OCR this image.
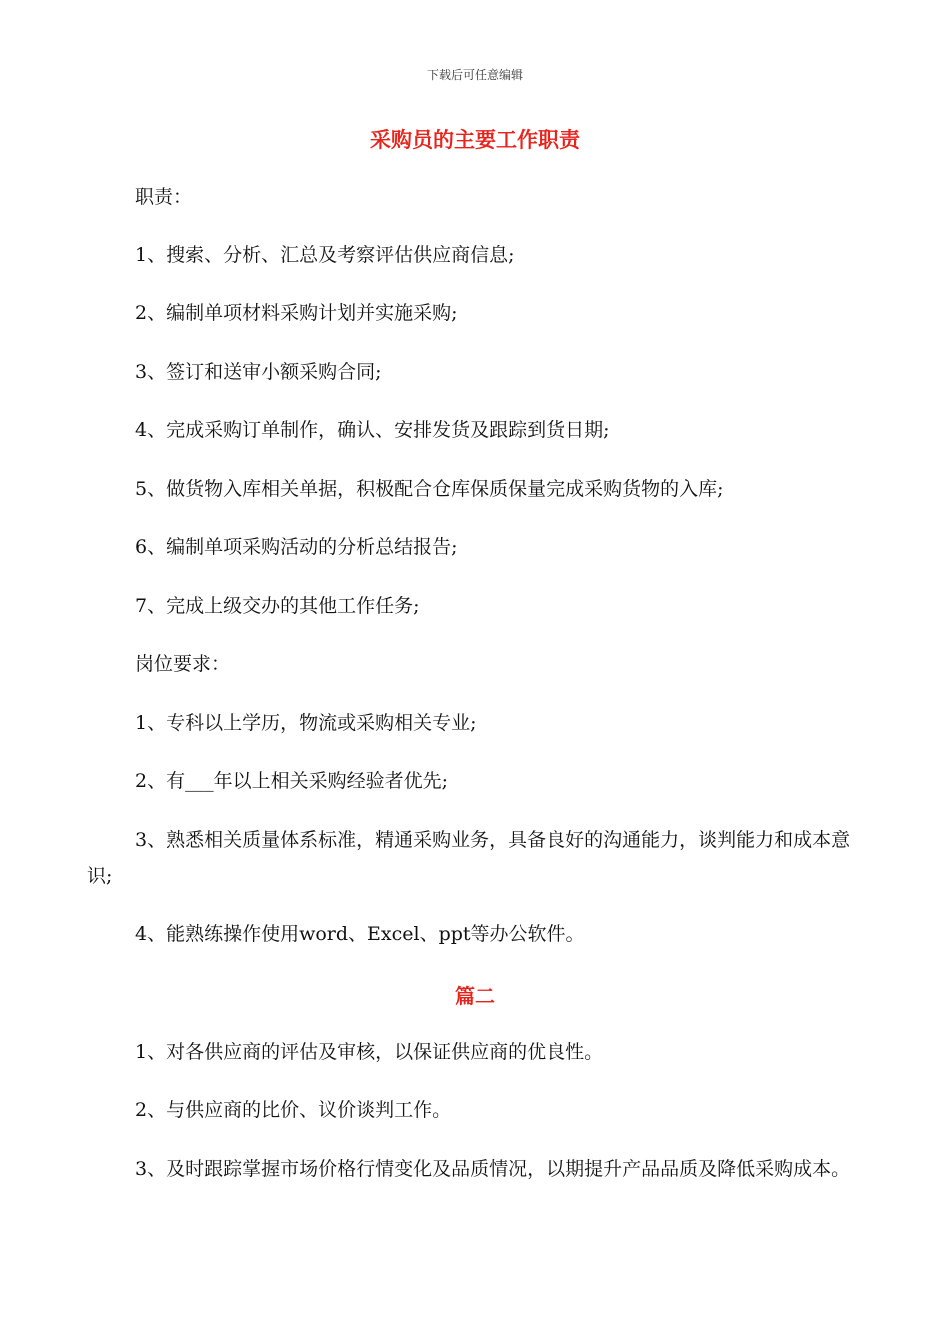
下载后可任意编辑
采购员的主要工作职责
职责：
1、搜索、分析、汇总及考察评估供应商信息;
2、编制单项材料采购计划并实施采购;
3、签订和送审小额采购合同;
4、完成采购订单制作，确认、安排发货及跟踪到货日期;
5、做货物入库相关单据，积极配合仓库保质保量完成采购货物的入库;
6、编制单项采购活动的分析总结报告;
7、完成上级交办的其他工作任务;
岗位要求：
1、专科以上学历，物流或采购相关专业;
2、有___年以上相关采购经验者优先;
3、熟悉相关质量体系标准，精通采购业务，具备良好的沟通能力，谈判能力和成本意识;
4、能熟练操作使用word、Excel、ppt等办公软件。
篇二
1、对各供应商的评估及审核，以保证供应商的优良性。
2、与供应商的比价、议价谈判工作。
3、及时跟踪掌握市场价格行情变化及品质情况，以期提升产品品质及降低采购成本。
